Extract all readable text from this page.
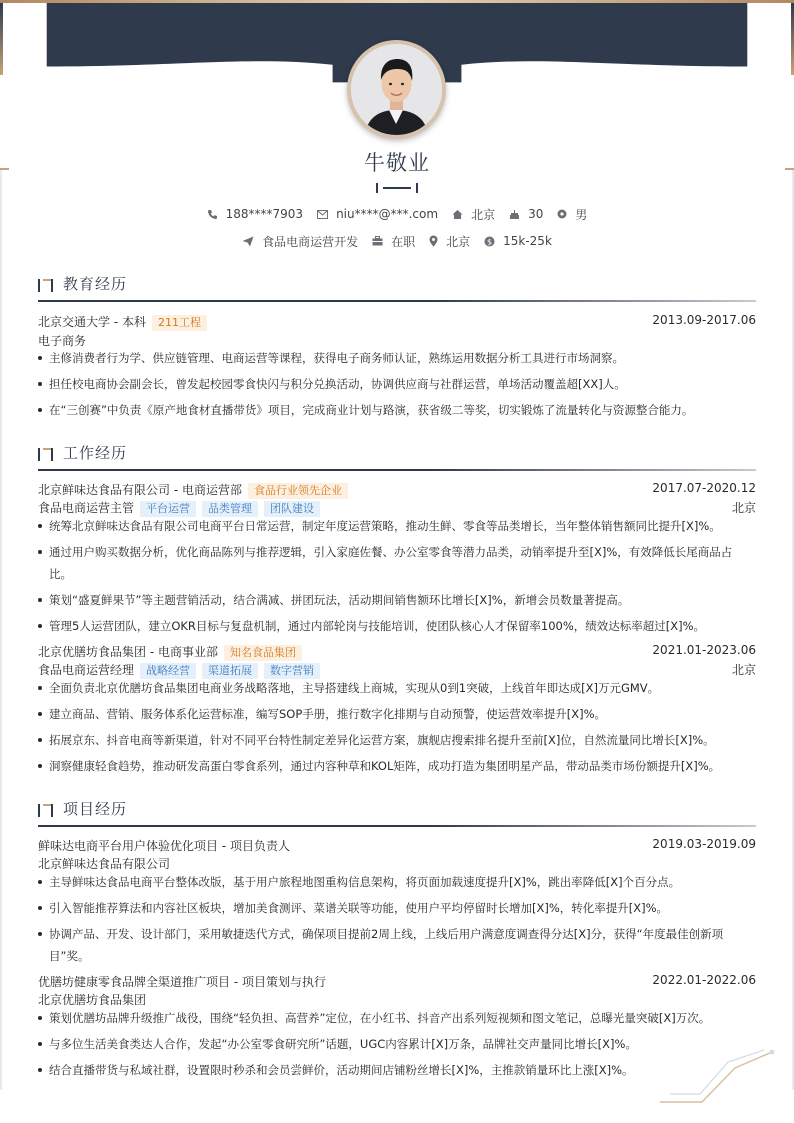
牛敬业
188****7903	niu****@***.com	北京	30	男
食品电商运营开发	在职	北京 $ 15k-25k
教育经历
北京交通大学 - 本科 211工程	2013.09-2017.06
电子商务
主修消费者行为学、供应链管理、电商运营等课程，获得电子商务师认证，熟练运用数据分析工具进行市场洞察。
担任校电商协会副会长，曾发起校园零食快闪与积分兑换活动，协调供应商与社群运营，单场活动覆盖超[XX]人。
在“三创赛”中负责《原产地食材直播带货》项目，完成商业计划与路演，获省级二等奖，切实锻炼了流量转化与资源整合能力。
工作经历
北京鲜味达食品有限公司 - 电商运营部 食品行业领先企业	2017.07-2020.12
食品电商运营主管 平台运营 品类管理 团队建设	北京
统筹北京鲜味达食品有限公司电商平台日常运营，制定年度运营策略，推动生鲜、零食等品类增长，当年整体销售额同比提升[X]%。
通过用户购买数据分析，优化商品陈列与推荐逻辑，引入家庭佐餐、办公室零食等潜力品类，动销率提升至[X]%，有效降低长尾商品占
比。
策划“盛夏鲜果节”等主题营销活动，结合满减、拼团玩法，活动期间销售额环比增长[X]%，新增会员数量著提高。
管理5人运营团队，建立OKR目标与复盘机制，通过内部轮岗与技能培训，使团队核心人才保留率100%，绩效达标率超过[X]%。
北京优膳坊食品集团 - 电商事业部 知名食品集团	2021.01-2023.06
食品电商运营经理 战略经营 渠道拓展 数字营销	北京
全面负责北京优膳坊食品集团电商业务战略落地，主导搭建线上商城，实现从0到1突破，上线首年即达成[X]万元GMV。
建立商品、营销、服务体系化运营标准，编写SOP手册，推行数字化排期与自动预警，使运营效率提升[X]%。
拓展京东、抖音电商等新渠道，针对不同平台特性制定差异化运营方案，旗舰店搜索排名提升至前[X]位，自然流量同比增长[X]%。
洞察健康轻食趋势，推动研发高蛋白零食系列，通过内容种草和KOL矩阵，成功打造为集团明星产品，带动品类市场份额提升[X]%。
项目经历
鲜味达电商平台用户体验优化项目 - 项目负责人	2019.03-2019.09
北京鲜味达食品有限公司
主导鲜味达食品电商平台整体改版，基于用户旅程地图重构信息架构，将页面加载速度提升[X]%，跳出率降低[X]个百分点。
引入智能推荐算法和内容社区板块，增加美食测评、菜谱关联等功能，使用户平均停留时长增加[X]%，转化率提升[X]%。
协调产品、开发、设计部门，采用敏捷迭代方式，确保项目提前2周上线，上线后用户满意度调查得分达[X]分，获得“年度最佳创新项
目”奖。
优膳坊健康零食品牌全渠道推广项目 - 项目策划与执行	2022.01-2022.06
北京优膳坊食品集团
策划优膳坊品牌升级推广战役，围绕“轻负担、高营养”定位，在小红书、抖音产出系列短视频和图文笔记，总曝光量突破[X]万次。
与多位生活美食类达人合作，发起“办公室零食研究所”话题，UGC内容累计[X]万条，品牌社交声量同比增长[X]%。
结合直播带货与私域社群，设置限时秒杀和会员尝鲜价，活动期间店铺粉丝增长[X]%，主推款销量环比上涨[X]%。
